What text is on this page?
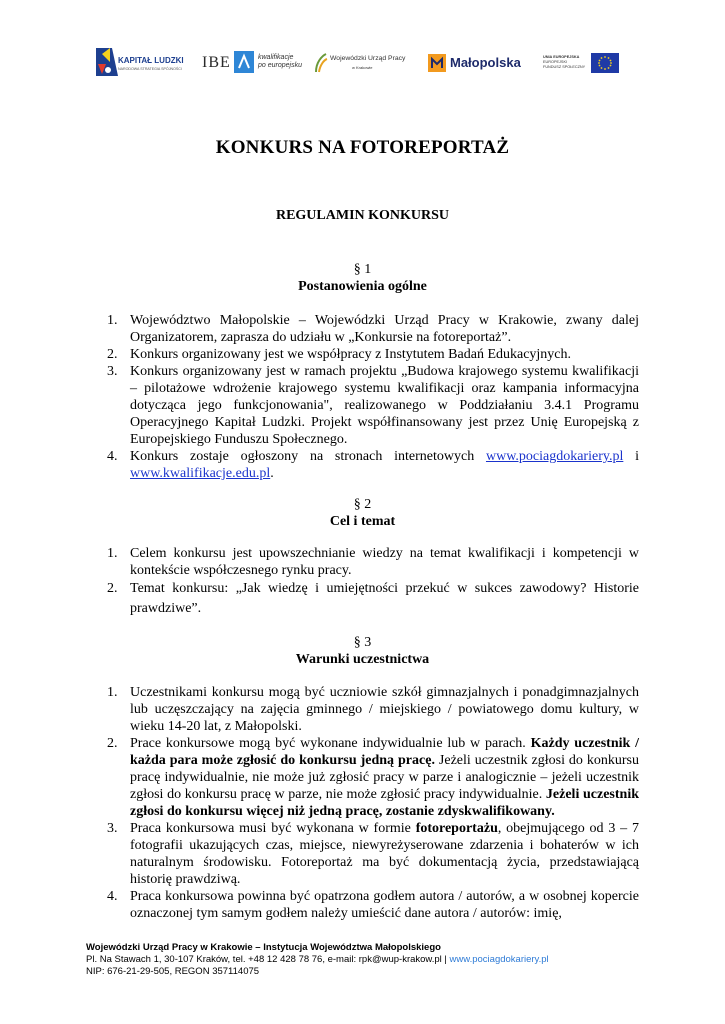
KAPITAŁ LUDZKI
NARODOWA STRATEGIA SPÓJNOŚCI IBE	kwalifikacje
po europejsku
Wojewódzki Urząd Pracy
w Krakowie	Małopolska	UNIA EUROPEJSKA
EUROPEJSKI
FUNDUSZ SPOŁECZNY
KONKURS NA FOTOREPORTAŻ
REGULAMIN KONKURSU
§ 1
Postanowienia ogólne
1. Województwo Małopolskie – Wojewódzki Urząd Pracy w Krakowie, zwany dalej Organizatorem, zaprasza do udziału w „Konkursie na fotoreportaż”.
2. Konkurs organizowany jest we współpracy z Instytutem Badań Edukacyjnych.
3. Konkurs organizowany jest w ramach projektu „Budowa krajowego systemu kwalifikacji – pilotażowe wdrożenie krajowego systemu kwalifikacji oraz kampania informacyjna dotycząca jego funkcjonowania", realizowanego w Poddziałaniu 3.4.1 Programu Operacyjnego Kapitał Ludzki. Projekt współfinansowany jest przez Unię Europejską z Europejskiego Funduszu Społecznego.
4. Konkurs zostaje ogłoszony na stronach internetowych www.pociagdokariery.pl i www.kwalifikacje.edu.pl.
§ 2
Cel i temat
1. Celem konkursu jest upowszechnianie wiedzy na temat kwalifikacji i kompetencji w kontekście współczesnego rynku pracy.
2. Temat konkursu: „Jak wiedzę i umiejętności przekuć w sukces zawodowy? Historie prawdziwe”.
§ 3
Warunki uczestnictwa
1. Uczestnikami konkursu mogą być uczniowie szkół gimnazjalnych i ponadgimnazjalnych lub uczęszczający na zajęcia gminnego / miejskiego / powiatowego domu kultury, w wieku 14-20 lat, z Małopolski.
2. Prace konkursowe mogą być wykonane indywidualnie lub w parach. Każdy uczestnik / każda para może zgłosić do konkursu jedną pracę. Jeżeli uczestnik zgłosi do konkursu pracę indywidualnie, nie może już zgłosić pracy w parze i analogicznie – jeżeli uczestnik zgłosi do konkursu pracę w parze, nie może zgłosić pracy indywidualnie. Jeżeli uczestnik zgłosi do konkursu więcej niż jedną pracę, zostanie zdyskwalifikowany.
3. Praca konkursowa musi być wykonana w formie fotoreportażu, obejmującego od 3 – 7 fotografii ukazujących czas, miejsce, niewyreżyserowane zdarzenia i bohaterów w ich naturalnym środowisku. Fotoreportaż ma być dokumentacją życia, przedstawiającą historię prawdziwą.
4. Praca konkursowa powinna być opatrzona godłem autora / autorów, a w osobnej kopercie oznaczonej tym samym godłem należy umieścić dane autora / autorów: imię,
Wojewódzki Urząd Pracy w Krakowie – Instytucja Województwa Małopolskiego
Pl. Na Stawach 1, 30-107 Kraków, tel. +48 12 428 78 76, e-mail: rpk@wup-krakow.pl | www.pociagdokariery.pl
NIP: 676-21-29-505, REGON 357114075
